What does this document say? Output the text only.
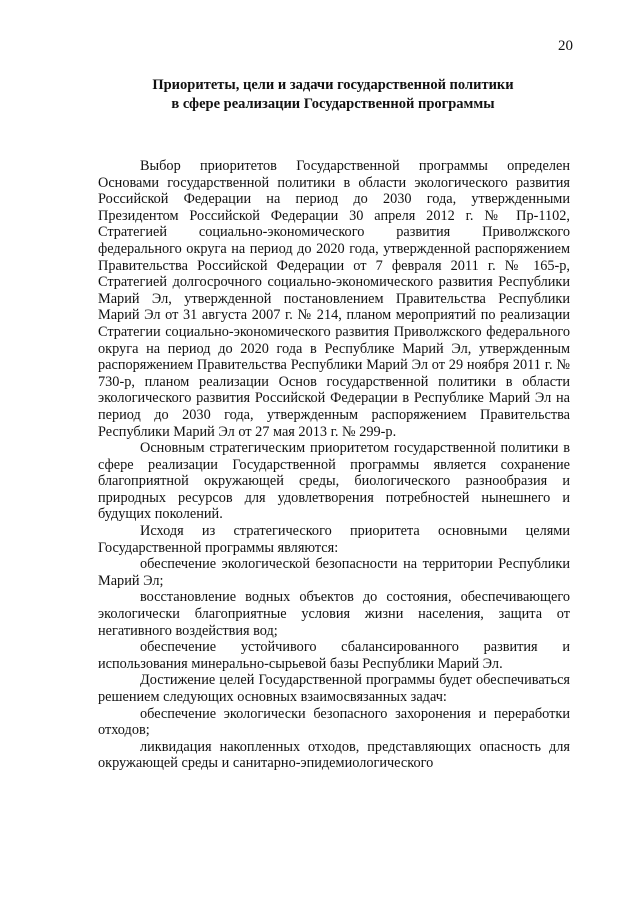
20
Приоритеты, цели и задачи государственной политики
в сфере реализации Государственной программы

Выбор приоритетов Государственной программы определен Основами государственной политики в области экологического развития Российской Федерации на период до 2030 года, утвержденными Президентом Российской Федерации 30 апреля 2012 г. № Пр-1102, Стратегией социально-экономического развития Приволжского федерального округа на период до 2020 года, утвержденной распоряжением Правительства Российской Федерации от 7 февраля 2011 г. № 165-р, Стратегией долгосрочного социально-экономического развития Республики Марий Эл, утвержденной постановлением Правительства Республики Марий Эл от 31 августа 2007 г. № 214, планом мероприятий по реализации Стратегии социально-экономического развития Приволжского федерального округа на период до 2020 года в Республике Марий Эл, утвержденным распоряжением Правительства Республики Марий Эл от 29 ноября 2011 г. № 730-р, планом реализации Основ государственной политики в области экологического развития Российской Федерации в Республике Марий Эл на период до 2030 года, утвержденным распоряжением Правительства Республики Марий Эл от 27 мая 2013 г. № 299-р.

Основным стратегическим приоритетом государственной политики в сфере реализации Государственной программы является сохранение благоприятной окружающей среды, биологического разнообразия и природных ресурсов для удовлетворения потребностей нынешнего и будущих поколений.

Исходя из стратегического приоритета основными целями Государственной программы являются:

обеспечение экологической безопасности на территории Республики Марий Эл;

восстановление водных объектов до состояния, обеспечивающего экологически благоприятные условия жизни населения, защита от негативного воздействия вод;

обеспечение устойчивого сбалансированного развития и использования минерально-сырьевой базы Республики Марий Эл.

Достижение целей Государственной программы будет обеспечиваться решением следующих основных взаимосвязанных задач:

обеспечение экологически безопасного захоронения и переработки отходов;

ликвидация накопленных отходов, представляющих опасность для окружающей среды и санитарно-эпидемиологического
